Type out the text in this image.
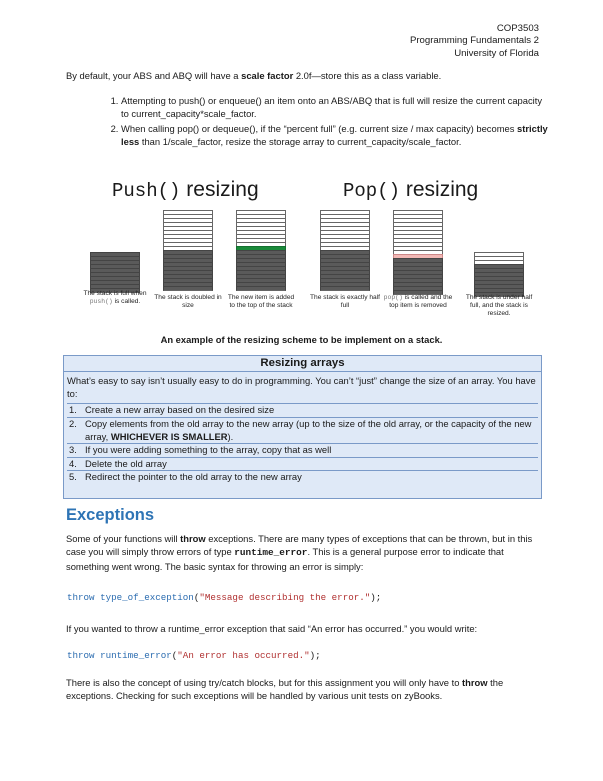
COP3503
Programming Fundamentals 2
University of Florida
By default, your ABS and ABQ will have a scale factor 2.0f—store this as a class variable.
1. Attempting to push() or enqueue() an item onto an ABS/ABQ that is full will resize the current capacity to current_capacity*scale_factor.
2. When calling pop() or dequeue(), if the “percent full” (e.g. current size / max capacity) becomes strictly less than 1/scale_factor, resize the storage array to current_capacity/scale_factor.
Push() resizing	Pop() resizing
The stack is full when push() is called.
The stack is doubled in size
The new item is added to the top of the stack
The stack is exactly half full
pop() is called and the top item is removed
The stack is under half full, and the stack is resized.
An example of the resizing scheme to be implement on a stack.
Resizing arrays
What’s easy to say isn’t usually easy to do in programming. You can’t “just” change the size of an array. You have to:
1. Create a new array based on the desired size
2. Copy elements from the old array to the new array (up to the size of the old array, or the capacity of the new array, WHICHEVER IS SMALLER).
3. If you were adding something to the array, copy that as well
4. Delete the old array
5. Redirect the pointer to the old array to the new array
Exceptions
Some of your functions will throw exceptions. There are many types of exceptions that can be thrown, but in this case you will simply throw errors of type runtime_error. This is a general purpose error to indicate that something went wrong. The basic syntax for throwing an error is simply:
throw type_of_exception("Message describing the error.");
If you wanted to throw a runtime_error exception that said “An error has occurred.” you would write:
throw runtime_error("An error has occurred.");
There is also the concept of using try/catch blocks, but for this assignment you will only have to throw the exceptions. Checking for such exceptions will be handled by various unit tests on zyBooks.
